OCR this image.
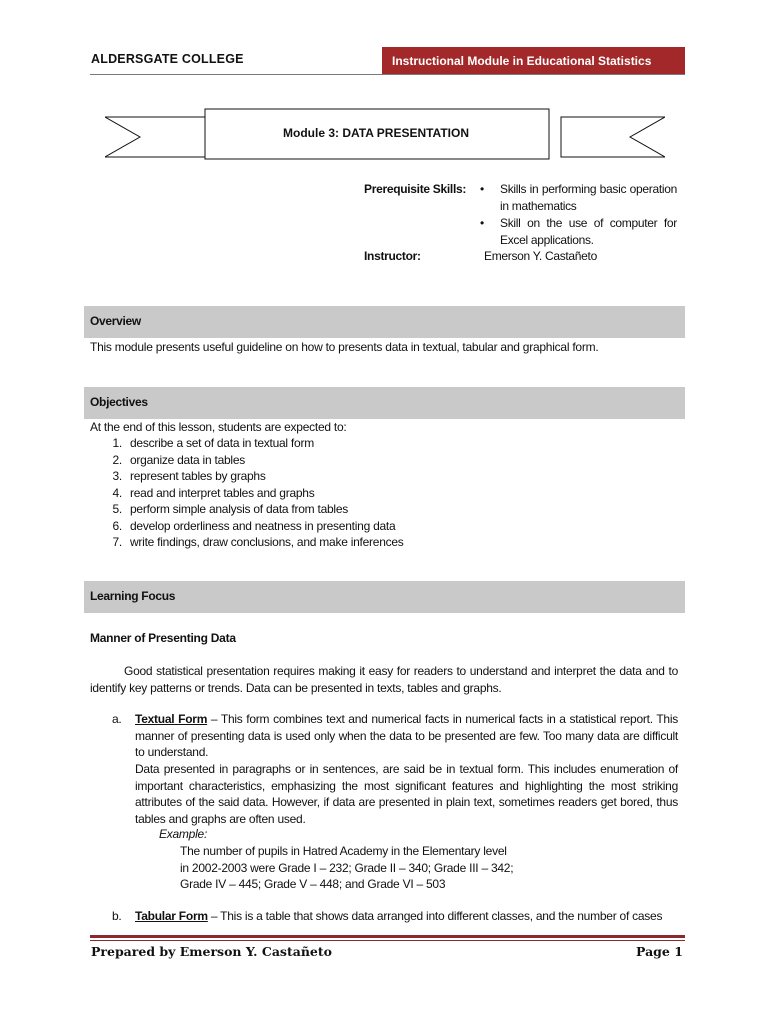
ALDERSGATE COLLEGE	Instructional Module in Educational Statistics
Module 3: DATA PRESENTATION
Prerequisite Skills: • Skills in performing basic operation in mathematics
• Skill on the use of computer for Excel applications.
Instructor:	Emerson Y. Castañeto
Overview
This module presents useful guideline on how to presents data in textual, tabular and graphical form.
Objectives
At the end of this lesson, students are expected to:
1. describe a set of data in textual form
2. organize data in tables
3. represent tables by graphs
4. read and interpret tables and graphs
5. perform simple analysis of data from tables
6. develop orderliness and neatness in presenting data
7. write findings, draw conclusions, and make inferences
Learning Focus
Manner of Presenting Data
Good statistical presentation requires making it easy for readers to understand and interpret the data and to identify key patterns or trends. Data can be presented in texts, tables and graphs.
a. Textual Form – This form combines text and numerical facts in numerical facts in a statistical report. This manner of presenting data is used only when the data to be presented are few. Too many data are difficult to understand.
Data presented in paragraphs or in sentences, are said be in textual form. This includes enumeration of important characteristics, emphasizing the most significant features and highlighting the most striking attributes of the said data. However, if data are presented in plain text, sometimes readers get bored, thus tables and graphs are often used.
Example:
The number of pupils in Hatred Academy in the Elementary level
in 2002-2003 were Grade I – 232; Grade II – 340; Grade III – 342;
Grade IV – 445; Grade V – 448; and Grade VI – 503
b. Tabular Form – This is a table that shows data arranged into different classes, and the number of cases
Prepared by Emerson Y. Castañeto	Page 1
